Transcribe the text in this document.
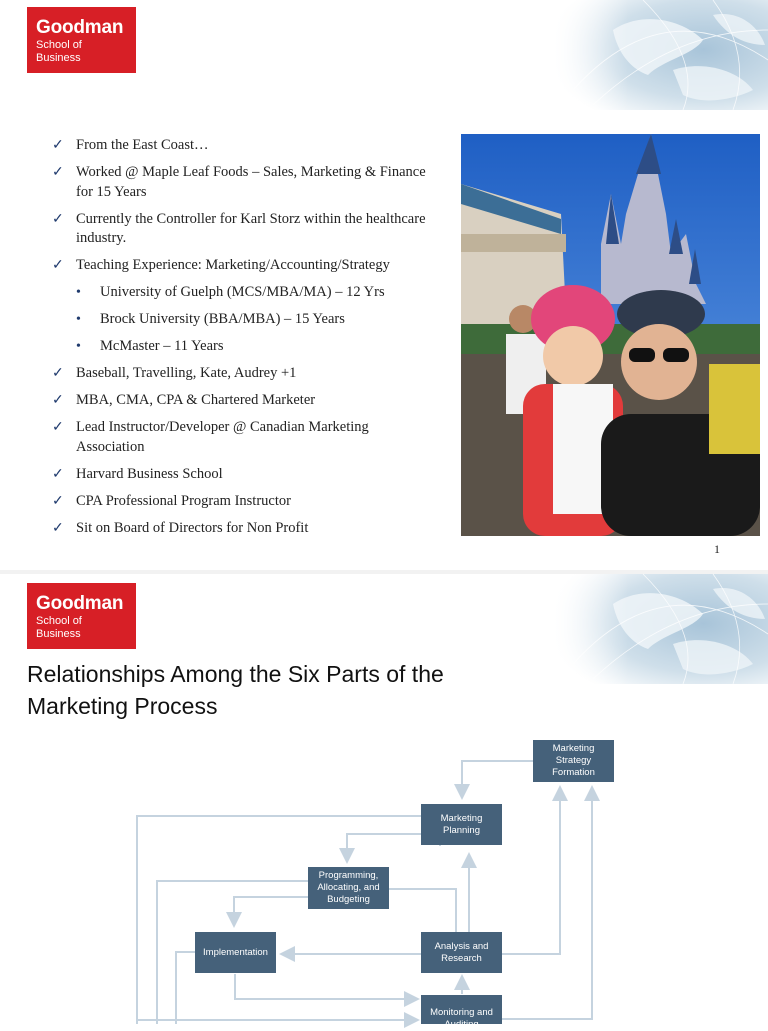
Goodman
School of Business
✓ From the East Coast…
✓ Worked @ Maple Leaf Foods – Sales, Marketing & Finance for 15 Years
✓ Currently the Controller for Karl Storz within the healthcare industry.
✓ Teaching Experience: Marketing/Accounting/Strategy
•	University of Guelph (MCS/MBA/MA) – 12 Yrs
•	Brock University (BBA/MBA) – 15 Years
•	McMaster – 11 Years
✓ Baseball, Travelling, Kate, Audrey +1
✓ MBA, CMA, CPA & Chartered Marketer
✓ Lead Instructor/Developer @ Canadian Marketing Association
✓ Harvard Business School
✓ CPA Professional Program Instructor
✓ Sit on Board of Directors for Non Profit
1
Goodman
School of Business
Relationships Among the Six Parts of the Marketing Process
Marketing Strategy Formation
Marketing Planning
Programming, Allocating, and Budgeting
Implementation
Analysis and Research
Monitoring and Auditing
